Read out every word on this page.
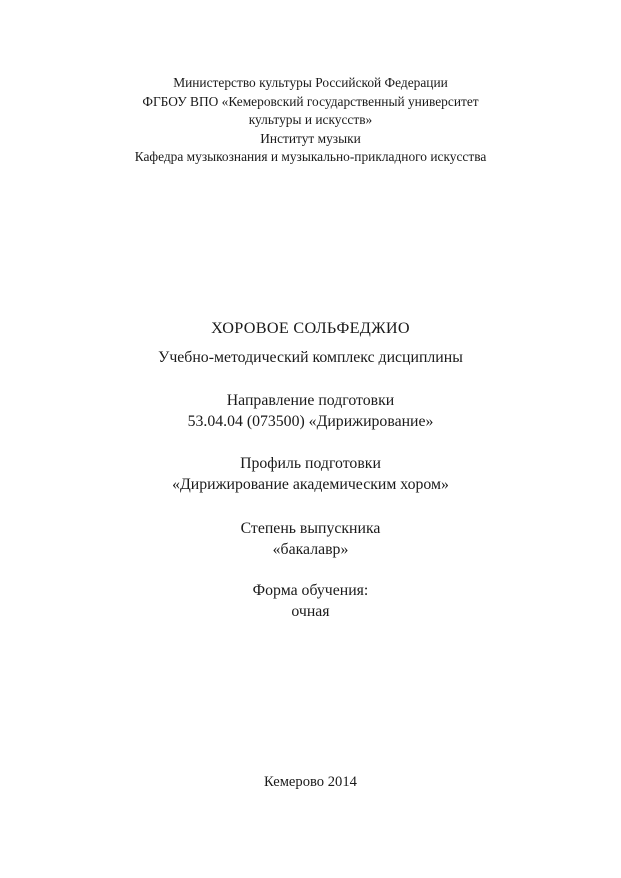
Министерство культуры Российской Федерации
ФГБОУ ВПО «Кемеровский государственный университет
культуры и искусств»
Институт музыки
Кафедра музыкознания и музыкально-прикладного искусства
ХОРОВОЕ СОЛЬФЕДЖИО
Учебно-методический комплекс дисциплины
Направление подготовки
53.04.04 (073500) «Дирижирование»
Профиль подготовки
«Дирижирование академическим хором»
Степень выпускника
«бакалавр»
Форма обучения:
очная
Кемерово 2014
